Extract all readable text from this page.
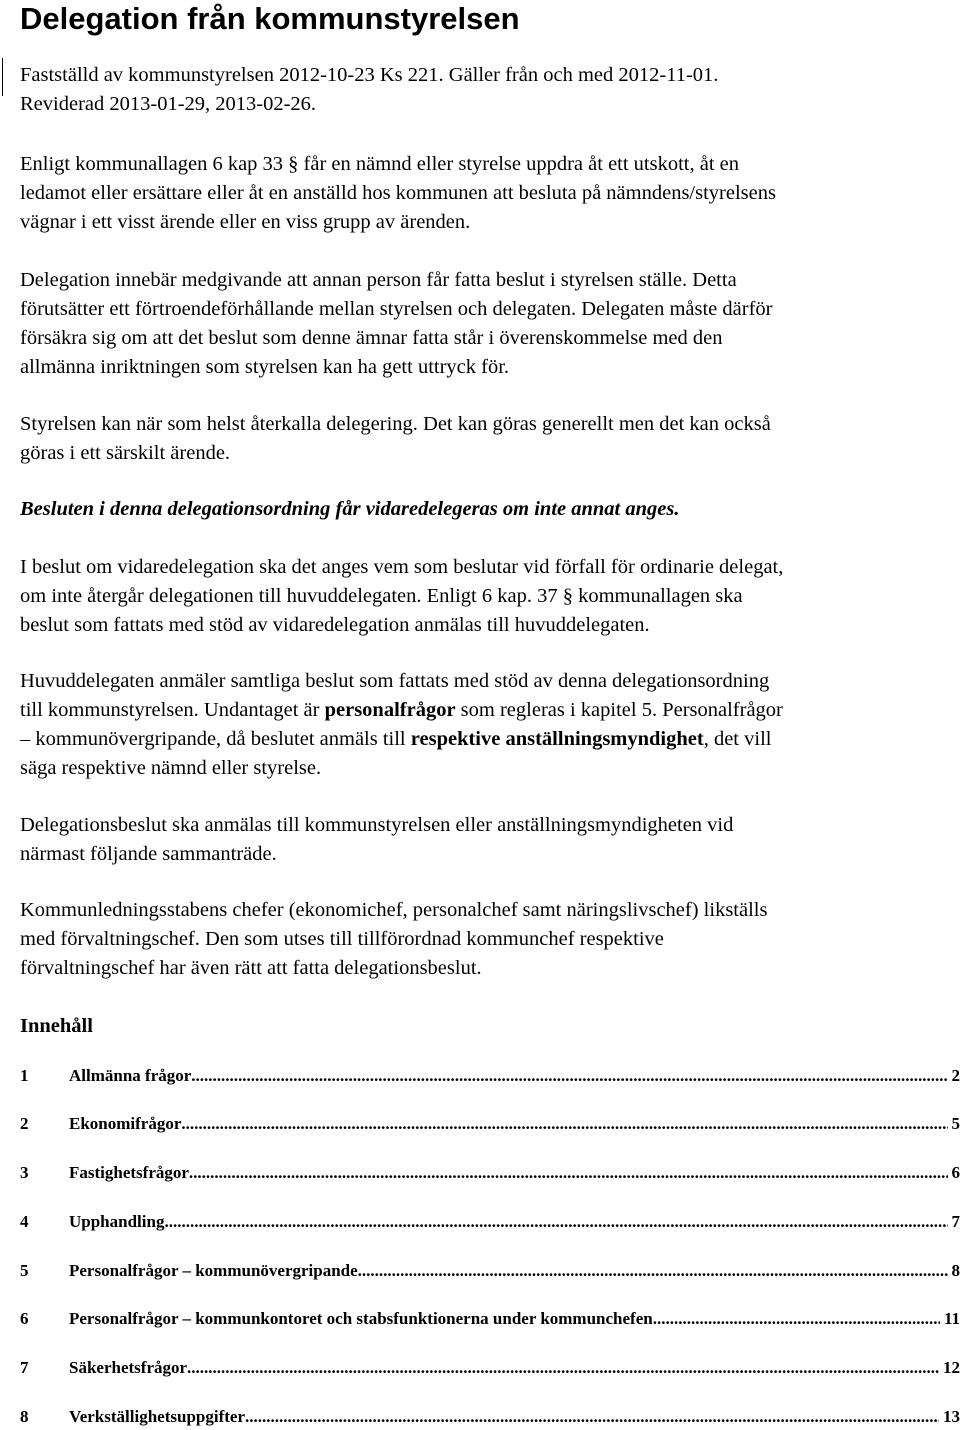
Delegation från kommunstyrelsen

Fastställd av kommunstyrelsen 2012-10-23 Ks 221. Gäller från och med 2012-11-01.
Reviderad 2013-01-29, 2013-02-26.

Enligt kommunallagen 6 kap 33 § får en nämnd eller styrelse uppdra åt ett utskott, åt en
ledamot eller ersättare eller åt en anställd hos kommunen att besluta på nämndens/styrelsens
vägnar i ett visst ärende eller en viss grupp av ärenden.

Delegation innebär medgivande att annan person får fatta beslut i styrelsen ställe. Detta
förutsätter ett förtroendeförhållande mellan styrelsen och delegaten. Delegaten måste därför
försäkra sig om att det beslut som denne ämnar fatta står i överenskommelse med den
allmänna inriktningen som styrelsen kan ha gett uttryck för.

Styrelsen kan när som helst återkalla delegering. Det kan göras generellt men det kan också
göras i ett särskilt ärende.

Besluten i denna delegationsordning får vidaredelegeras om inte annat anges.

I beslut om vidaredelegation ska det anges vem som beslutar vid förfall för ordinarie delegat,
om inte återgår delegationen till huvuddelegaten. Enligt 6 kap. 37 § kommunallagen ska
beslut som fattats med stöd av vidaredelegation anmälas till huvuddelegaten.

Huvuddelegaten anmäler samtliga beslut som fattats med stöd av denna delegationsordning
till kommunstyrelsen. Undantaget är personalfrågor som regleras i kapitel 5. Personalfrågor
– kommunövergripande, då beslutet anmäls till respektive anställningsmyndighet, det vill
säga respektive nämnd eller styrelse.

Delegationsbeslut ska anmälas till kommunstyrelsen eller anställningsmyndigheten vid
närmast följande sammanträde.

Kommunledningsstabens chefer (ekonomichef, personalchef samt näringslivschef) likställs
med förvaltningschef. Den som utses till tillförordnad kommunchef respektive
förvaltningschef har även rätt att fatta delegationsbeslut.

Innehåll
1 Allmänna frågor .....	2
2 Ekonomifrågor .....	5
3 Fastighetsfrågor .....	6
4 Upphandling .....	7
5 Personalfrågor – kommunövergripande .....	8
6 Personalfrågor – kommunkontoret och stabsfunktionerna under kommunchefen .....	11
7 Säkerhetsfrågor .....	12
8 Verkställighetsuppgifter .....	13
